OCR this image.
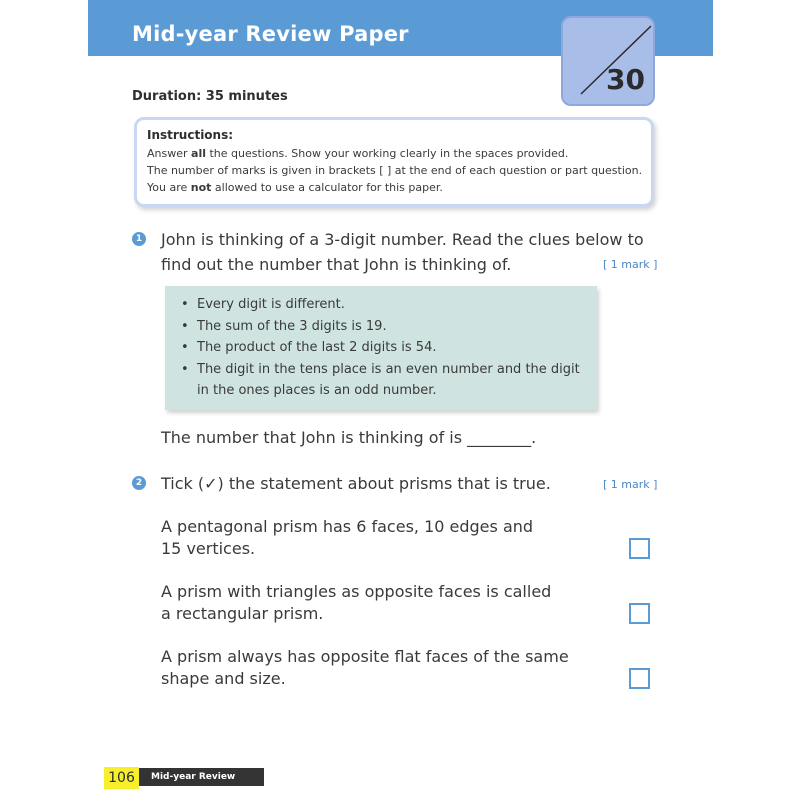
Mid-year Review Paper
30
Duration: 35 minutes
Instructions:
Answer all the questions. Show your working clearly in the spaces provided.
The number of marks is given in brackets [ ] at the end of each question or part question.
You are not allowed to use a calculator for this paper.
1 John is thinking of a 3-digit number. Read the clues below to
find out the number that John is thinking of.	[ 1 mark ]
• Every digit is different.
• The sum of the 3 digits is 19.
• The product of the last 2 digits is 54.
• The digit in the tens place is an even number and the digit in the ones places is an odd number.
The number that John is thinking of is ________.
2 Tick (✓) the statement about prisms that is true.	[ 1 mark ]
A pentagonal prism has 6 faces, 10 edges and
15 vertices.
A prism with triangles as opposite faces is called
a rectangular prism.
A prism always has opposite flat faces of the same
shape and size.
106	Mid-year Review Paper
